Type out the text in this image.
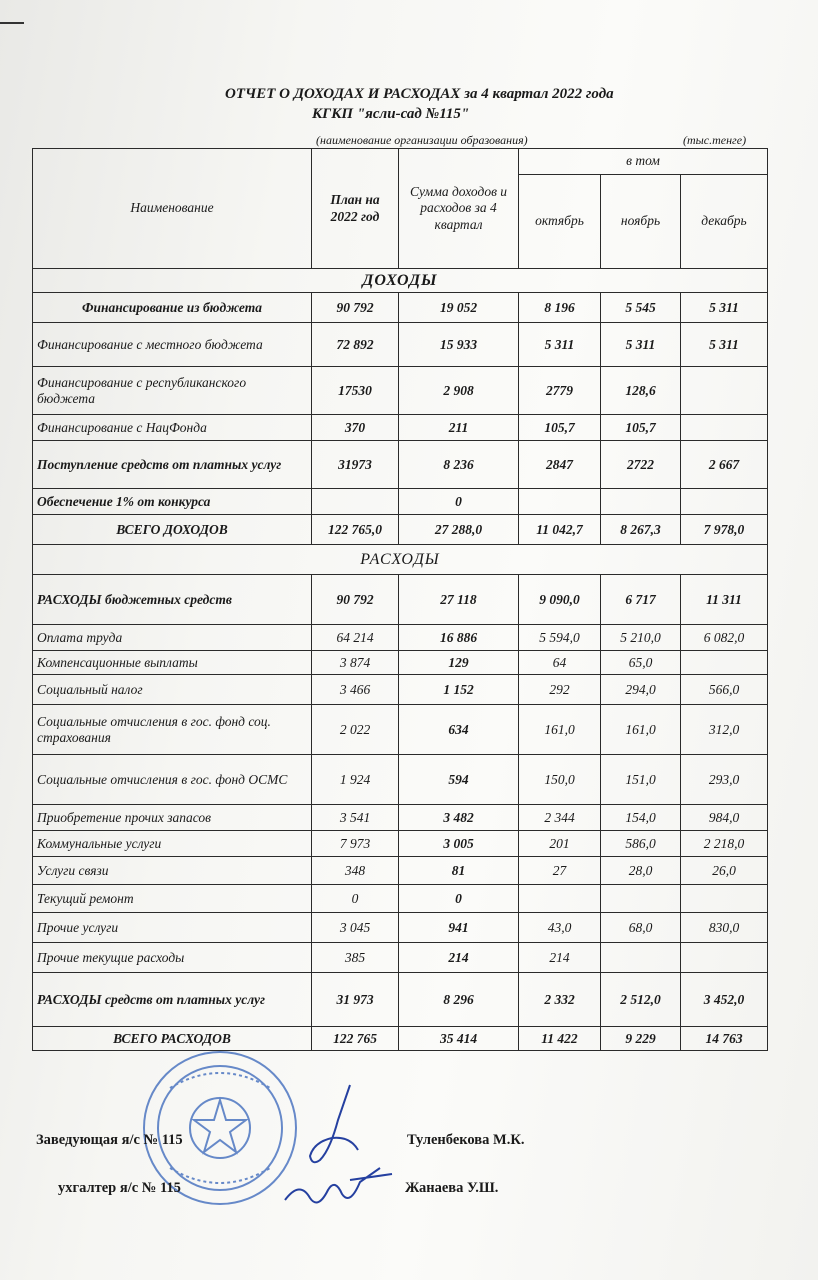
ОТЧЕТ О ДОХОДАХ И РАСХОДАХ за 4 квартал 2022 года
КГКП "ясли-сад №115"
(наименование организации образования)	(тыс.тенге)
Наименование	План на 2022 год	Сумма доходов и расходов за 4 квартал	в том		
			октябрь	ноябрь	декабрь
ДОХОДЫ					
Финансирование из бюджета	90 792	19 052	8 196	5 545	5 311
Финансирование с местного бюджета	72 892	15 933	5 311	5 311	5 311
Финансирование с республиканского бюджета	17530	2 908	2779	128,6	
Финансирование с НацФонда	370	211	105,7	105,7	
Поступление средств от платных услуг	31973	8 236	2847	2722	2 667
Обеспечение 1% от конкурса		0			
ВСЕГО ДОХОДОВ	122 765,0	27 288,0	11 042,7	8 267,3	7 978,0
РАСХОДЫ					
РАСХОДЫ бюджетных средств	90 792	27 118	9 090,0	6 717	11 311
Оплата труда	64 214	16 886	5 594,0	5 210,0	6 082,0
Компенсационные выплаты	3 874	129	64	65,0	
Социальный налог	3 466	1 152	292	294,0	566,0
Социальные отчисления в гос. фонд соц. страхования	2 022	634	161,0	161,0	312,0
Социальные отчисления в гос. фонд ОСМС	1 924	594	150,0	151,0	293,0
Приобретение прочих запасов	3 541	3 482	2 344	154,0	984,0
Коммунальные услуги	7 973	3 005	201	586,0	2 218,0
Услуги связи	348	81	27	28,0	26,0
Текущий ремонт	0	0			
Прочие услуги	3 045	941	43,0	68,0	830,0
Прочие текущие расходы	385	214	214		
РАСХОДЫ средств от платных услуг	31 973	8 296	2 332	2 512,0	3 452,0
ВСЕГО РАСХОДОВ	122 765	35 414	11 422	9 229	14 763
Заведующая я/с № 115	Туленбекова М.К.
ухгалтер я/с № 115	Жанаева У.Ш.
